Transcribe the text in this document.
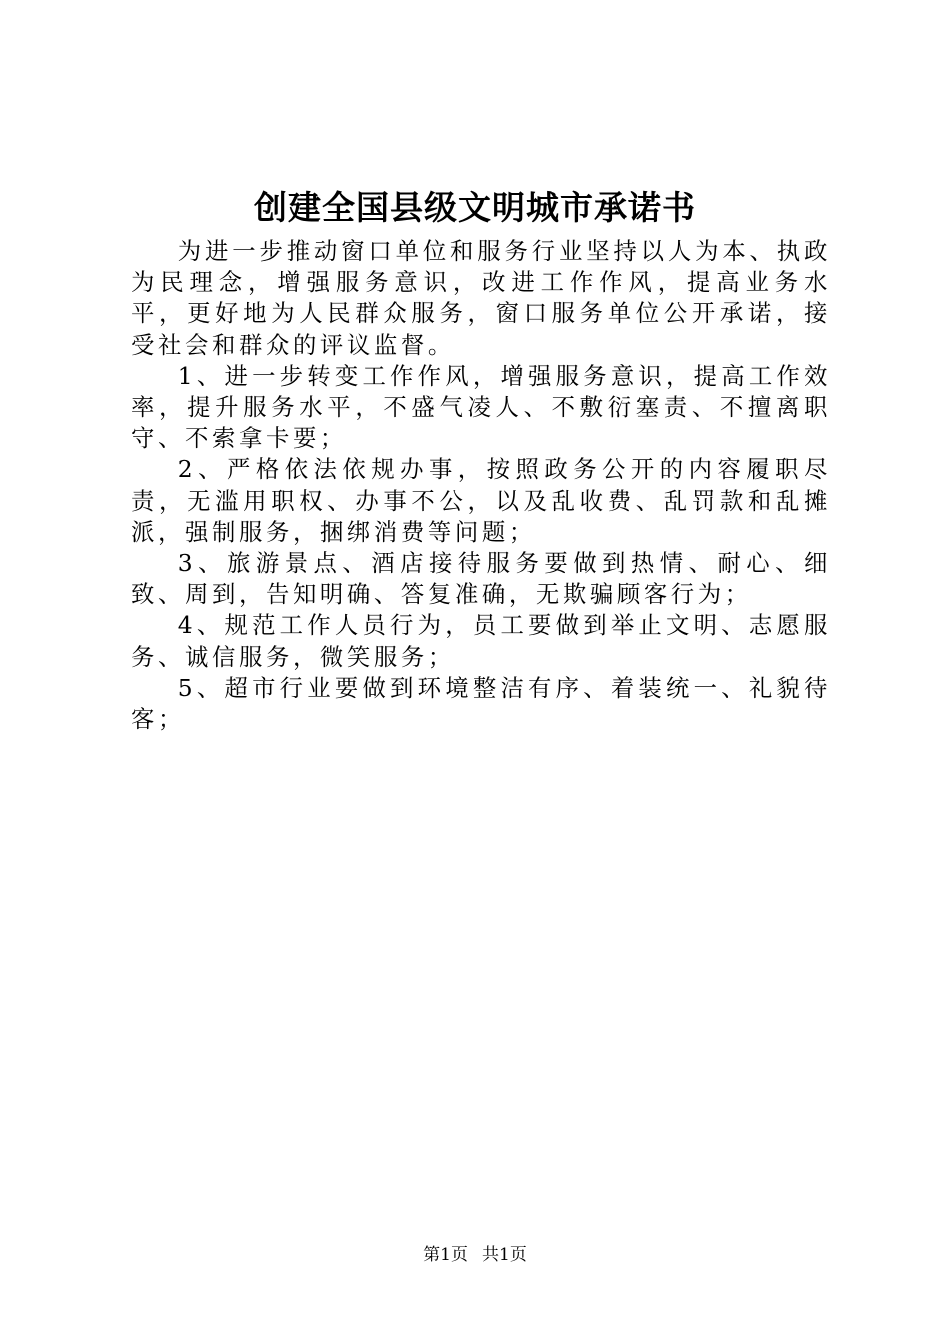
创建全国县级文明城市承诺书

为进一步推动窗口单位和服务行业坚持以人为本、执政为民理念，增强服务意识，改进工作作风，提高业务水平，更好地为人民群众服务，窗口服务单位公开承诺，接受社会和群众的评议监督。

1、进一步转变工作作风，增强服务意识，提高工作效率，提升服务水平，不盛气凌人、不敷衍塞责、不擅离职守、不索拿卡要；

2、严格依法依规办事，按照政务公开的内容履职尽责，无滥用职权、办事不公，以及乱收费、乱罚款和乱摊派，强制服务，捆绑消费等问题；

3、旅游景点、酒店接待服务要做到热情、耐心、细致、周到，告知明确、答复准确，无欺骗顾客行为；

4、规范工作人员行为，员工要做到举止文明、志愿服务、诚信服务，微笑服务；

5、超市行业要做到环境整洁有序、着装统一、礼貌待客；

第1页 共1页
